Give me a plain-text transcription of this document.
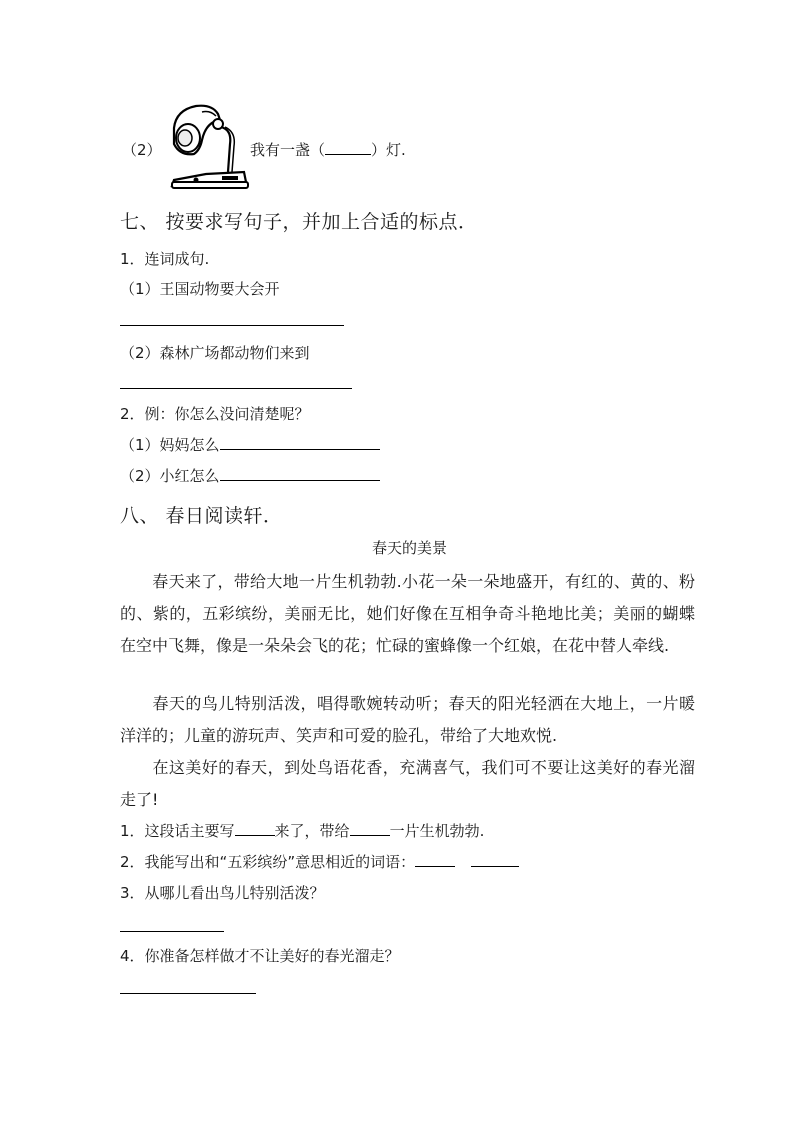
（2）	我有一盏（	）灯.
七、 按要求写句子，并加上合适的标点．
1．连词成句.
（1）王国动物要大会开
（2）森林广场都动物们来到
2．例：你怎么没问清楚呢？
（1）妈妈怎么
（2）小红怎么
八、 春日阅读轩．
春天的美景
春天来了，带给大地一片生机勃勃.小花一朵一朵地盛开，有红的、黄的、粉的、紫的，五彩缤纷，美丽无比，她们好像在互相争奇斗艳地比美；美丽的蝴蝶在空中飞舞，像是一朵朵会飞的花；忙碌的蜜蜂像一个红娘，在花中替人牵线.
春天的鸟儿特别活泼，唱得歌婉转动听；春天的阳光轻洒在大地上，一片暖洋洋的；儿童的游玩声、笑声和可爱的脸孔，带给了大地欢悦.
在这美好的春天，到处鸟语花香，充满喜气，我们可不要让这美好的春光溜走了!
1．这段话主要写	来了，带给	一片生机勃勃.
2．我能写出和“五彩缤纷”意思相近的词语：
3．从哪儿看出鸟儿特别活泼？
4．你准备怎样做才不让美好的春光溜走？
